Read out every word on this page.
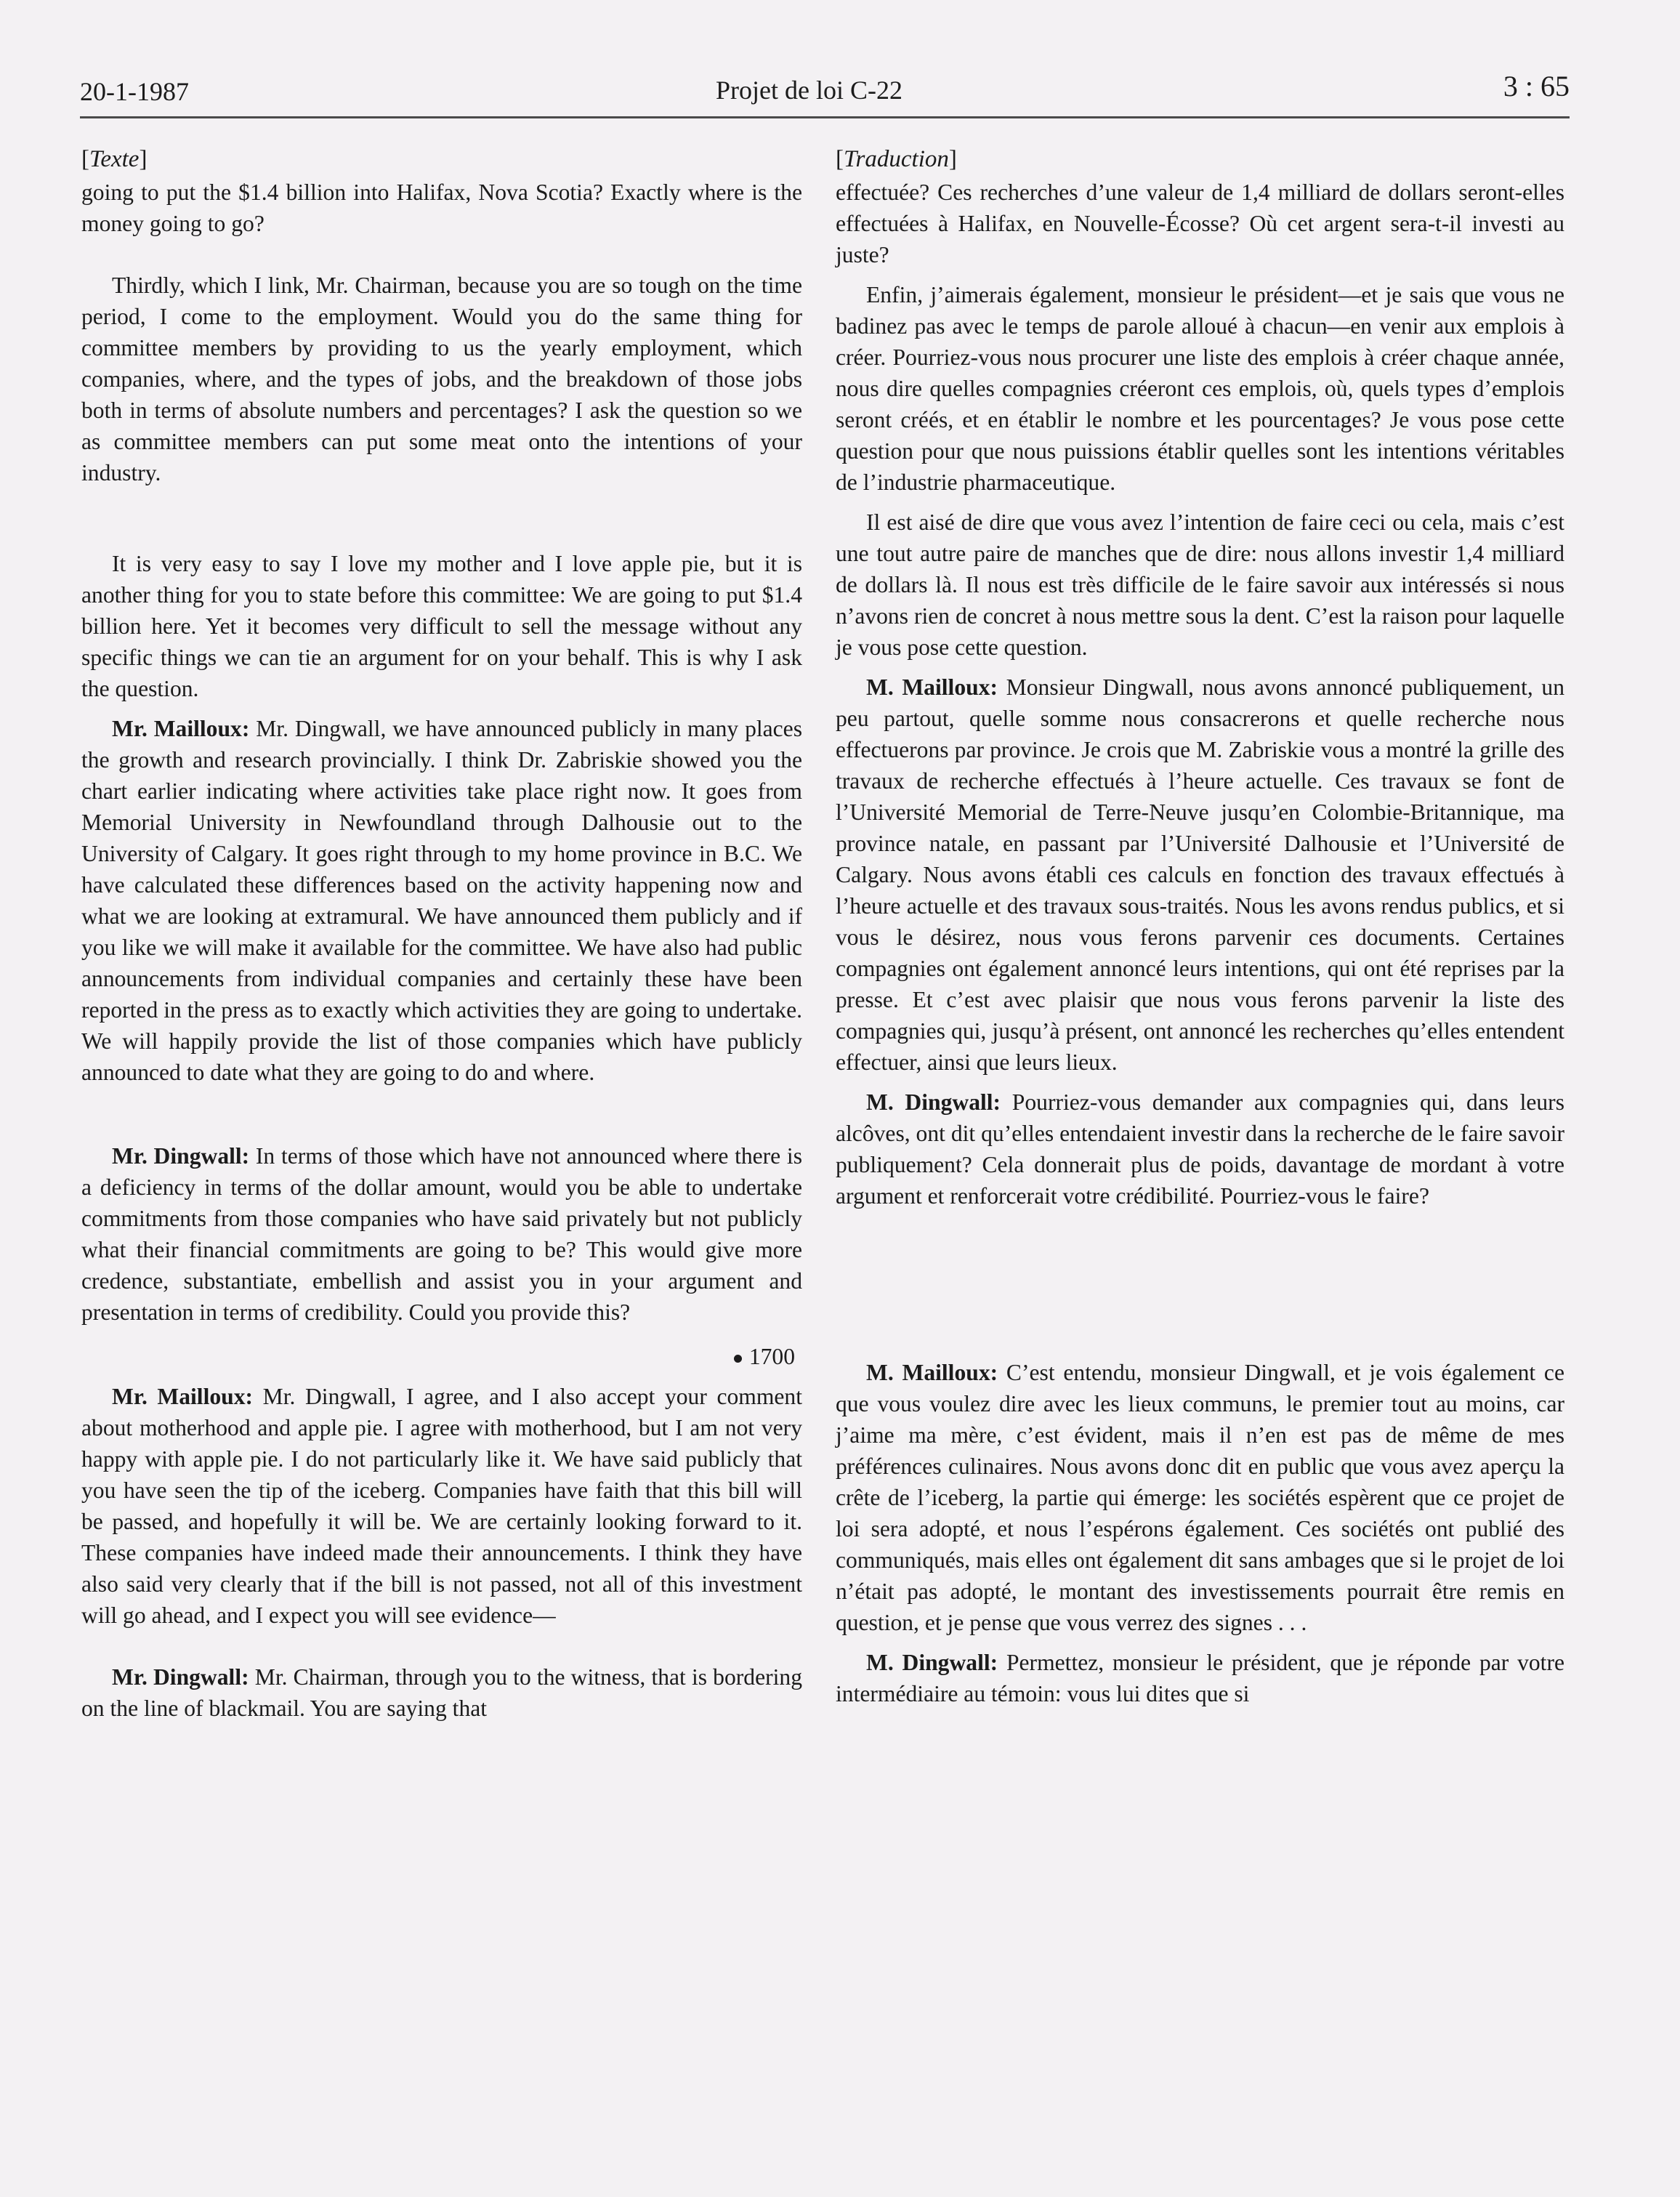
20-1-1987	Projet de loi C-22	3 : 65
[Texte]

going to put the $1.4 billion into Halifax, Nova Scotia? Exactly where is the money going to go?

Thirdly, which I link, Mr. Chairman, because you are so tough on the time period, I come to the employment. Would you do the same thing for committee members by providing to us the yearly employment, which companies, where, and the types of jobs, and the breakdown of those jobs both in terms of absolute numbers and percentages? I ask the question so we as committee members can put some meat onto the intentions of your industry.

It is very easy to say I love my mother and I love apple pie, but it is another thing for you to state before this committee: We are going to put $1.4 billion here. Yet it becomes very difficult to sell the message without any specific things we can tie an argument for on your behalf. This is why I ask the question.

Mr. Mailloux: Mr. Dingwall, we have announced publicly in many places the growth and research provincially. I think Dr. Zabriskie showed you the chart earlier indicating where activities take place right now. It goes from Memorial University in Newfoundland through Dalhousie out to the University of Calgary. It goes right through to my home province in B.C. We have calculated these differences based on the activity happening now and what we are looking at extramural. We have announced them publicly and if you like we will make it available for the committee. We have also had public announcements from individual companies and certainly these have been reported in the press as to exactly which activities they are going to undertake. We will happily provide the list of those companies which have publicly announced to date what they are going to do and where.

Mr. Dingwall: In terms of those which have not announced where there is a deficiency in terms of the dollar amount, would you be able to undertake commitments from those companies who have said privately but not publicly what their financial commitments are going to be? This would give more credence, substantiate, embellish and assist you in your argument and presentation in terms of credibility. Could you provide this?

1700

Mr. Mailloux: Mr. Dingwall, I agree, and I also accept your comment about motherhood and apple pie. I agree with motherhood, but I am not very happy with apple pie. I do not particularly like it. We have said publicly that you have seen the tip of the iceberg. Companies have faith that this bill will be passed, and hopefully it will be. We are certainly looking forward to it. These companies have indeed made their announcements. I think they have also said very clearly that if the bill is not passed, not all of this investment will go ahead, and I expect you will see evidence—

Mr. Dingwall: Mr. Chairman, through you to the witness, that is bordering on the line of blackmail. You are saying that

[Traduction]

effectuée? Ces recherches d’une valeur de 1,4 milliard de dollars seront-elles effectuées à Halifax, en Nouvelle-Écosse? Où cet argent sera-t-il investi au juste?

Enfin, j’aimerais également, monsieur le président—et je sais que vous ne badinez pas avec le temps de parole alloué à chacun—en venir aux emplois à créer. Pourriez-vous nous procurer une liste des emplois à créer chaque année, nous dire quelles compagnies créeront ces emplois, où, quels types d’emplois seront créés, et en établir le nombre et les pourcentages? Je vous pose cette question pour que nous puissions établir quelles sont les intentions véritables de l’industrie pharmaceutique.

Il est aisé de dire que vous avez l’intention de faire ceci ou cela, mais c’est une tout autre paire de manches que de dire: nous allons investir 1,4 milliard de dollars là. Il nous est très difficile de le faire savoir aux intéressés si nous n’avons rien de concret à nous mettre sous la dent. C’est la raison pour laquelle je vous pose cette question.

M. Mailloux: Monsieur Dingwall, nous avons annoncé publiquement, un peu partout, quelle somme nous consacrerons et quelle recherche nous effectuerons par province. Je crois que M. Zabriskie vous a montré la grille des travaux de recherche effectués à l’heure actuelle. Ces travaux se font de l’Université Memorial de Terre-Neuve jusqu’en Colombie-Britannique, ma province natale, en passant par l’Université Dalhousie et l’Université de Calgary. Nous avons établi ces calculs en fonction des travaux effectués à l’heure actuelle et des travaux sous-traités. Nous les avons rendus publics, et si vous le désirez, nous vous ferons parvenir ces documents. Certaines compagnies ont également annoncé leurs intentions, qui ont été reprises par la presse. Et c’est avec plaisir que nous vous ferons parvenir la liste des compagnies qui, jusqu’à présent, ont annoncé les recherches qu’elles entendent effectuer, ainsi que leurs lieux.

M. Dingwall: Pourriez-vous demander aux compagnies qui, dans leurs alcôves, ont dit qu’elles entendaient investir dans la recherche de le faire savoir publiquement? Cela donnerait plus de poids, davantage de mordant à votre argument et renforcerait votre crédibilité. Pourriez-vous le faire?

M. Mailloux: C’est entendu, monsieur Dingwall, et je vois également ce que vous voulez dire avec les lieux communs, le premier tout au moins, car j’aime ma mère, c’est évident, mais il n’en est pas de même de mes préférences culinaires. Nous avons donc dit en public que vous avez aperçu la crête de l’iceberg, la partie qui émerge: les sociétés espèrent que ce projet de loi sera adopté, et nous l’espérons également. Ces sociétés ont publié des communiqués, mais elles ont également dit sans ambages que si le projet de loi n’était pas adopté, le montant des investissements pourrait être remis en question, et je pense que vous verrez des signes . . .

M. Dingwall: Permettez, monsieur le président, que je réponde par votre intermédiaire au témoin: vous lui dites que si
